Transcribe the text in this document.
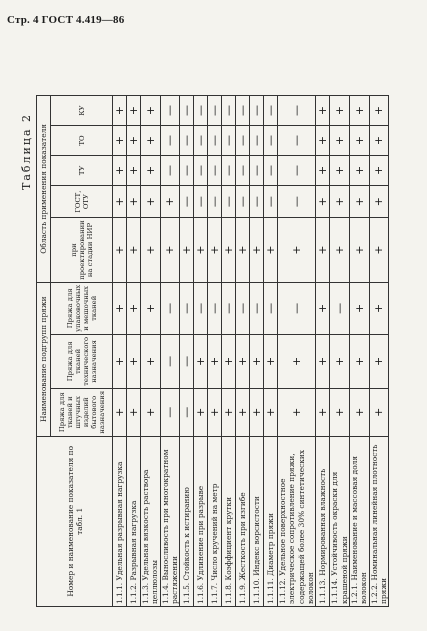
Стр. 4 ГОСТ 4.419—86
Таблица 2
Номер и наименование показателя по табл. 1	Наименование подгрупп пряжи			Область применения показателя				
	Пряжа для тканей и штучных изделий бытового назначения	Пряжа для тканей технического назначения	Пряжа для упаковочных и мешочных тканей	при проектировании на стадии НИР	ГОСТ, ОТУ	ТУ	ТО	КУ
1.1.1. Удельная разрывная нагрузка	+	+	+	+	+	+	+	+
1.1.2. Разрывная нагрузка	+	+	+	+	+	+	+	+
1.1.3. Удельная вязкость раствора целлюлозы	+	+	+	+	+	+	+	+
1.1.4. Выносливость при многократном растяжении	—	—	—	+	+	—	—	—
1.1.5. Стойкость к истиранию	—	—	—	+	—	—	—	—
1.1.6. Удлинение при разрыве	+	+	—	+	—	—	—	—
1.1.7. Число кручений на метр	+	+	—	+	—	—	—	—
1.1.8. Коэффициент крутки	+	+	—	+	—	—	—	—
1.1.9. Жесткость при изгибе	+	+	—	+	—	—	—	—
1.1.10. Индекс ворсистости	+	+	—	+	—	—	—	—
1.1.11. Диаметр пряжи	+	+	—	+	—	—	—	—
1.1.12. Удельное поверхностное электрическое сопротивление пряжи, содержащей более 30% синтетических волокон	+	+	—	+	—	—	—	—
1.1.13. Нормированная влажность	+	+	+	+	+	+	+	+
1.1.14. Устойчивость окраски для крашеной пряжи	+	+	—	+	+	+	+	+
1.2.1. Наименование и массовая доля волокон	+	+	+	+	+	+	+	+
1.2.2. Номинальная линейная плотность пряжи	+	+	+	+	+	+	+	+
